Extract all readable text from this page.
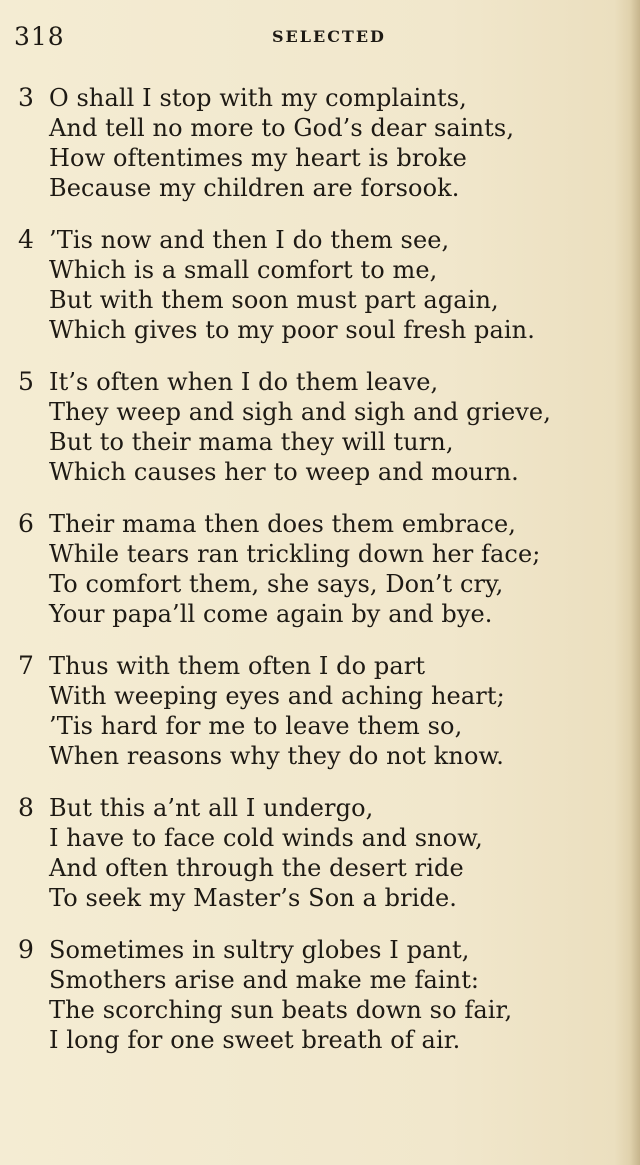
318	SELECTED
3 O shall I stop with my complaints,
And tell no more to God’s dear saints,
How oftentimes my heart is broke
Because my children are forsook.
4 ’Tis now and then I do them see,
Which is a small comfort to me,
But with them soon must part again,
Which gives to my poor soul fresh pain.
5 It’s often when I do them leave,
They weep and sigh and sigh and grieve,
But to their mama they will turn,
Which causes her to weep and mourn.
6 Their mama then does them embrace,
While tears ran trickling down her face;
To comfort them, she says, Don’t cry,
Your papa’ll come again by and bye.
7 Thus with them often I do part
With weeping eyes and aching heart;
’Tis hard for me to leave them so,
When reasons why they do not know.
8 But this a’nt all I undergo,
I have to face cold winds and snow,
And often through the desert ride
To seek my Master’s Son a bride.
9 Sometimes in sultry globes I pant,
Smothers arise and make me faint:
The scorching sun beats down so fair,
I long for one sweet breath of air.
